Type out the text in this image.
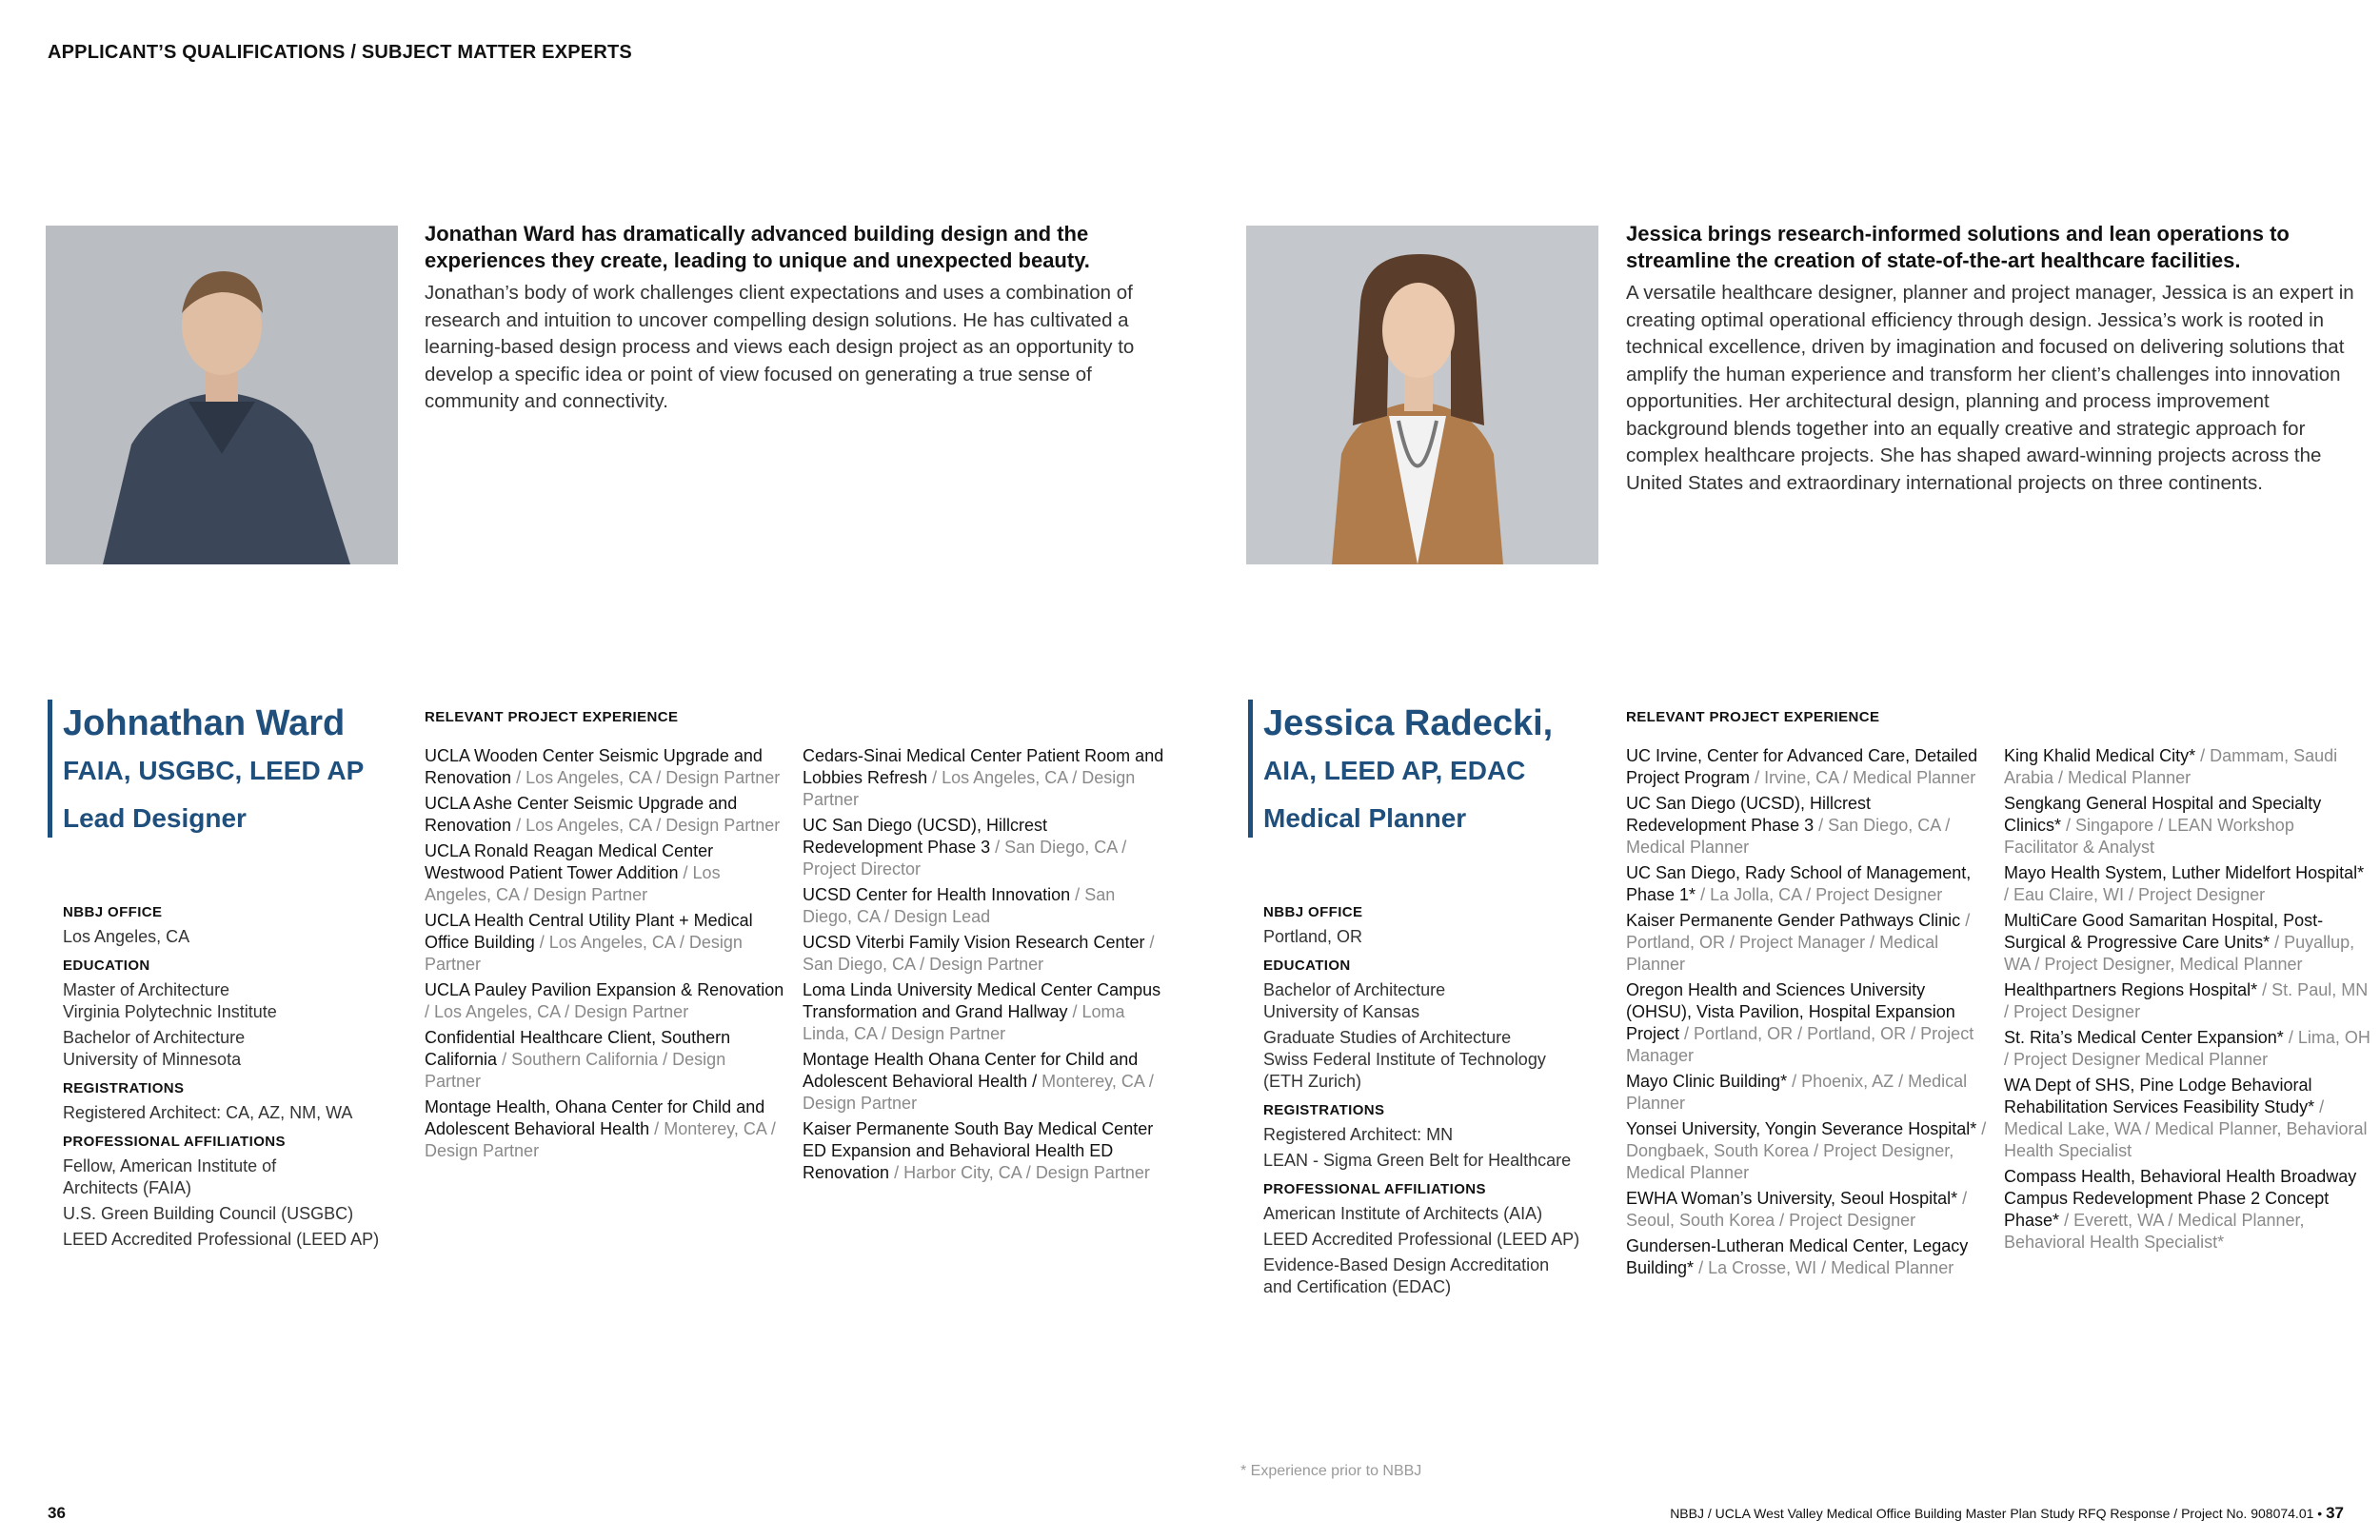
APPLICANT’S QUALIFICATIONS / SUBJECT MATTER EXPERTS
Jonathan Ward has dramatically advanced building design and the experiences they create, leading to unique and unexpected beauty.
Jonathan’s body of work challenges client expectations and uses a combination of research and intuition to uncover compelling design solutions. He has cultivated a learning-based design process and views each design project as an opportunity to develop a specific idea or point of view focused on generating a true sense of community and connectivity.
Jessica brings research-informed solutions and lean operations to streamline the creation of state-of-the-art healthcare facilities.
A versatile healthcare designer, planner and project manager, Jessica is an expert in creating optimal operational efficiency through design. Jessica’s work is rooted in technical excellence, driven by imagination and focused on delivering solutions that amplify the human experience and transform her client’s challenges into innovation opportunities. Her architectural design, planning and process improvement background blends together into an equally creative and strategic approach for complex healthcare projects. She has shaped award-winning projects across the United States and extraordinary international projects on three continents.
Johnathan Ward
FAIA, USGBC, LEED AP
Lead Designer
Jessica Radecki,
AIA, LEED AP, EDAC
Medical Planner
NBBJ OFFICE

Los Angeles, CA

EDUCATION

Master of Architecture

Virginia Polytechnic Institute

Bachelor of Architecture

University of Minnesota

REGISTRATIONS

Registered Architect: CA, AZ, NM, WA

PROFESSIONAL AFFILIATIONS

Fellow, American Institute of

Architects (FAIA)

U.S. Green Building Council (USGBC)

LEED Accredited Professional (LEED AP)

NBBJ OFFICE

Portland, OR

EDUCATION

Bachelor of Architecture

University of Kansas

Graduate Studies of Architecture

Swiss Federal Institute of Technology

(ETH Zurich)

REGISTRATIONS

Registered Architect: MN

LEAN - Sigma Green Belt for Healthcare

PROFESSIONAL AFFILIATIONS

American Institute of Architects (AIA)

LEED Accredited Professional (LEED AP)

Evidence-Based Design Accreditation

and Certification (EDAC)

RELEVANT PROJECT EXPERIENCE	RELEVANT PROJECT EXPERIENCE
UCLA Wooden Center Seismic Upgrade and Renovation / Los Angeles, CA / Design Partner
UCLA Ashe Center Seismic Upgrade and Renovation / Los Angeles, CA / Design Partner
UCLA Ronald Reagan Medical Center Westwood Patient Tower Addition / Los Angeles, CA / Design Partner
UCLA Health Central Utility Plant + Medical Office Building / Los Angeles, CA / Design Partner
UCLA Pauley Pavilion Expansion & Renovation / Los Angeles, CA / Design Partner
Confidential Healthcare Client, Southern California / Southern California / Design Partner
Montage Health, Ohana Center for Child and Adolescent Behavioral Health / Monterey, CA / Design Partner
Cedars-Sinai Medical Center Patient Room and Lobbies Refresh / Los Angeles, CA / Design Partner
UC San Diego (UCSD), Hillcrest Redevelopment Phase 3 / San Diego, CA / Project Director
UCSD Center for Health Innovation / San Diego, CA / Design Lead
UCSD Viterbi Family Vision Research Center / San Diego, CA / Design Partner
Loma Linda University Medical Center Campus Transformation and Grand Hallway / Loma Linda, CA / Design Partner
Montage Health Ohana Center for Child and Adolescent Behavioral Health / Monterey, CA / Design Partner
Kaiser Permanente South Bay Medical Center ED Expansion and Behavioral Health ED Renovation / Harbor City, CA / Design Partner
UC Irvine, Center for Advanced Care, Detailed Project Program / Irvine, CA / Medical Planner
UC San Diego (UCSD), Hillcrest Redevelopment Phase 3 / San Diego, CA / Medical Planner
UC San Diego, Rady School of Management, Phase 1* / La Jolla, CA / Project Designer
Kaiser Permanente Gender Pathways Clinic / Portland, OR / Project Manager / Medical Planner
Oregon Health and Sciences University (OHSU), Vista Pavilion, Hospital Expansion Project / Portland, OR / Portland, OR / Project Manager
Mayo Clinic Building* / Phoenix, AZ / Medical Planner
Yonsei University, Yongin Severance Hospital* / Dongbaek, South Korea / Project Designer, Medical Planner
EWHA Woman’s University, Seoul Hospital* / Seoul, South Korea / Project Designer
Gundersen-Lutheran Medical Center, Legacy Building* / La Crosse, WI / Medical Planner
King Khalid Medical City* / Dammam, Saudi Arabia / Medical Planner
Sengkang General Hospital and Specialty Clinics* / Singapore / LEAN Workshop Facilitator & Analyst
Mayo Health System, Luther Midelfort Hospital* / Eau Claire, WI / Project Designer
MultiCare Good Samaritan Hospital, Post-Surgical & Progressive Care Units* / Puyallup, WA / Project Designer, Medical Planner
Healthpartners Regions Hospital* / St. Paul, MN / Project Designer
St. Rita’s Medical Center Expansion* / Lima, OH / Project Designer Medical Planner
WA Dept of SHS, Pine Lodge Behavioral Rehabilitation Services Feasibility Study* / Medical Lake, WA / Medical Planner, Behavioral Health Specialist
Compass Health, Behavioral Health Broadway Campus Redevelopment Phase 2 Concept Phase* / Everett, WA / Medical Planner, Behavioral Health Specialist*
* Experience prior to NBBJ
36	NBBJ / UCLA West Valley Medical Office Building Master Plan Study RFQ Response / Project No. 908074.01 • 37
